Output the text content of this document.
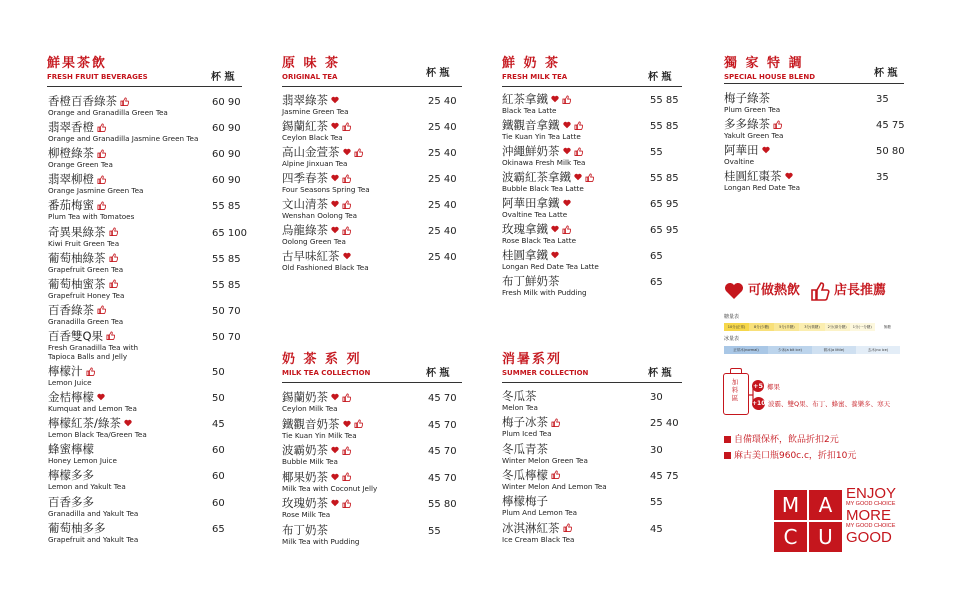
鮮果茶飲
FRESH FRUIT BEVERAGES	杯 瓶
香橙百香綠茶
Orange and Granadilla Green Tea
60 90
翡翠香橙
Orange and Granadilla Jasmine Green Tea
60 90
柳橙綠茶
Orange Green Tea
60 90
翡翠柳橙
Orange Jasmine Green Tea
60 90
番茄梅蜜
Plum Tea with Tomatoes
55 85
奇異果綠茶
Kiwi Fruit Green Tea
65 100
葡萄柚綠茶
Grapefruit Green Tea
55 85
葡萄柚蜜茶
Grapefruit Honey Tea
55 85
百香綠茶
Granadilla Green Tea
50 70
百香雙Q果
Fresh Granadilla Tea with
Tapioca Balls and Jelly
50 70
檸檬汁
Lemon Juice
50
金桔檸檬
Kumquat and Lemon Tea
50
檸檬紅茶/綠茶
Lemon Black Tea/Green Tea
45
蜂蜜檸檬
Honey Lemon Juice
60
檸檬多多
Lemon and Yakult Tea
60
百香多多
Granadilla and Yakult Tea
60
葡萄柚多多
Grapefruit and Yakult Tea
65
原 味 茶
ORIGINAL TEA	杯 瓶
翡翠綠茶
Jasmine Green Tea
25 40
錫蘭紅茶
Ceylon Black Tea
25 40
高山金萱茶
Alpine Jinxuan Tea
25 40
四季春茶
Four Seasons Spring Tea
25 40
文山清茶
Wenshan Oolong Tea
25 40
烏龍綠茶
Oolong Green Tea
25 40
古早味紅茶
Old Fashioned Black Tea
25 40
奶 茶 系 列
MILK TEA COLLECTION	杯 瓶
錫蘭奶茶
Ceylon Milk Tea
45 70
鐵觀音奶茶
Tie Kuan Yin Milk Tea
45 70
波霸奶茶
Bubble Milk Tea
45 70
椰果奶茶
Milk Tea with Coconut Jelly
45 70
玫瑰奶茶
Rose Milk Tea
55 80
布丁奶茶
Milk Tea with Pudding
55
鮮 奶 茶
FRESH MILK TEA	杯 瓶
紅茶拿鐵
Black Tea Latte
55 85
鐵觀音拿鐵
Tie Kuan Yin Tea Latte
55 85
沖繩鮮奶茶
Okinawa Fresh Milk Tea
55
波霸紅茶拿鐵
Bubble Black Tea Latte
55 85
阿華田拿鐵
Ovaltine Tea Latte
65 95
玫瑰拿鐵
Rose Black Tea Latte
65 95
桂圓拿鐵
Longan Red Date Tea Latte
65
布丁鮮奶茶
Fresh Milk with Pudding
65
消暑系列
SUMMER COLLECTION	杯 瓶
冬瓜茶
Melon Tea
30
梅子冰茶
Plum Iced Tea
25 40
冬瓜青茶
Winter Melon Green Tea
30
冬瓜檸檬
Winter Melon And Lemon Tea
45 75
檸檬梅子
Plum And Lemon Tea
55
冰淇淋紅茶
Ice Cream Black Tea
45
獨 家 特 調
SPECIAL HOUSE BLEND	杯 瓶
梅子綠茶
Plum Green Tea
35
多多綠茶
Yakult Green Tea
45 75
阿華田
Ovaltine
50 80
桂圓紅棗茶
Longan Red Date Tea
35
可做熱飲	店長推薦
糖量表
10分(正常)	8分(少糖)	5分(半糖)	3分(微糖)	2分(兩分糖)	1分(一分糖)	無糖
冰量表
正常冰(normal)	少冰(a bit ice)	微冰(a little)	去冰(no ice)
加料區
+5 椰果
+10 波霸、雙Q果、布丁、蜂蜜、養樂多、寒天
自備環保杯，飲品折扣2元
麻古美口瓶960c.c，折扣10元
M A
C	U
ENJOY
MY GOOD CHOICE
MORE
MY GOOD CHOICE
GOOD
